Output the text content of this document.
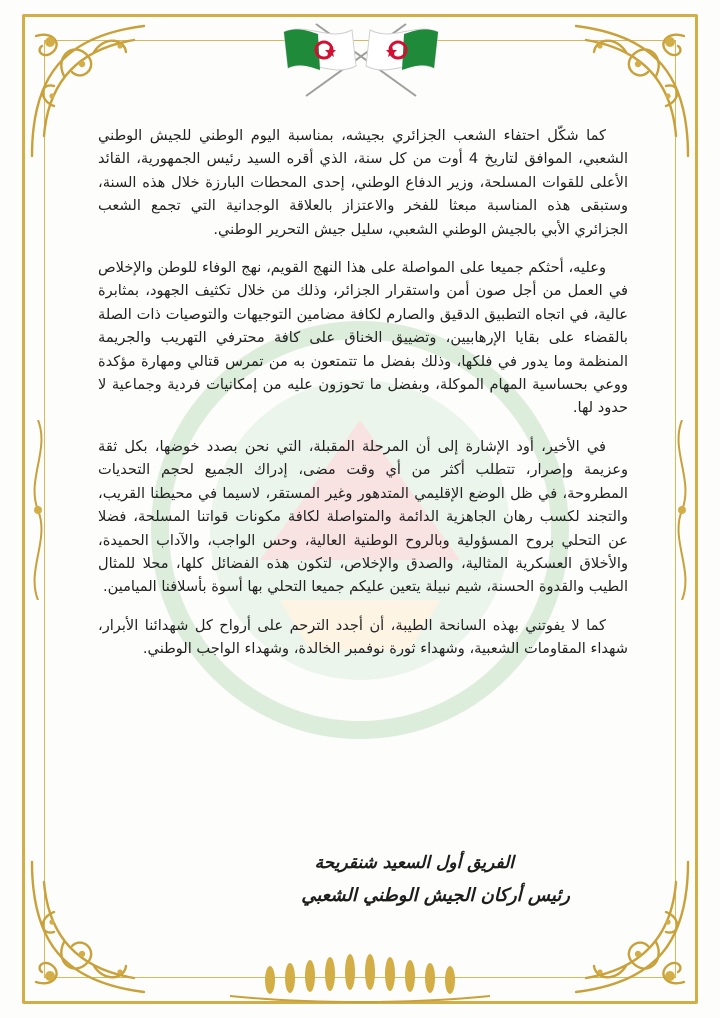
كما شكّل احتفاء الشعب الجزائري بجيشه، بمناسبة اليوم الوطني للجيش الوطني الشعبي، الموافق لتاريخ 4 أوت من كل سنة، الذي أقره السيد رئيس الجمهورية، القائد الأعلى للقوات المسلحة، وزير الدفاع الوطني، إحدى المحطات البارزة خلال هذه السنة، وستبقى هذه المناسبة مبعثا للفخر والاعتزاز بالعلاقة الوجدانية التي تجمع الشعب الجزائري الأبي بالجيش الوطني الشعبي، سليل جيش التحرير الوطني.

وعليه، أحثكم جميعا على المواصلة على هذا النهج القويم، نهج الوفاء للوطن والإخلاص في العمل من أجل صون أمن واستقرار الجزائر، وذلك من خلال تكثيف الجهود، بمثابرة عالية، في اتجاه التطبيق الدقيق والصارم لكافة مضامين التوجيهات والتوصيات ذات الصلة بالقضاء على بقايا الإرهابيين، وتضييق الخناق على كافة محترفي التهريب والجريمة المنظمة وما يدور في فلكها، وذلك بفضل ما تتمتعون به من تمرس قتالي ومهارة مؤكدة ووعي بحساسية المهام الموكلة، وبفضل ما تحوزون عليه من إمكانيات فردية وجماعية لا حدود لها.

في الأخير، أود الإشارة إلى أن المرحلة المقبلة، التي نحن بصدد خوضها، بكل ثقة وعزيمة وإصرار، تتطلب أكثر من أي وقت مضى، إدراك الجميع لحجم التحديات المطروحة، في ظل الوضع الإقليمي المتدهور وغير المستقر، لاسيما في محيطنا القريب، والتجند لكسب رهان الجاهزية الدائمة والمتواصلة لكافة مكونات قواتنا المسلحة، فضلا عن التحلي بروح المسؤولية وبالروح الوطنية العالية، وحس الواجب، والآداب الحميدة، والأخلاق العسكرية المثالية، والصدق والإخلاص، لتكون هذه الفضائل كلها، محلا للمثال الطيب والقدوة الحسنة، شيم نبيلة يتعين عليكم جميعا التحلي بها أسوة بأسلافنا الميامين.

كما لا يفوتني بهذه السانحة الطيبة، أن أجدد الترحم على أرواح كل شهدائنا الأبرار، شهداء المقاومات الشعبية، وشهداء ثورة نوفمبر الخالدة، وشهداء الواجب الوطني.

الفريق أول السعيد شنقريحة
رئيس أركان الجيش الوطني الشعبي
